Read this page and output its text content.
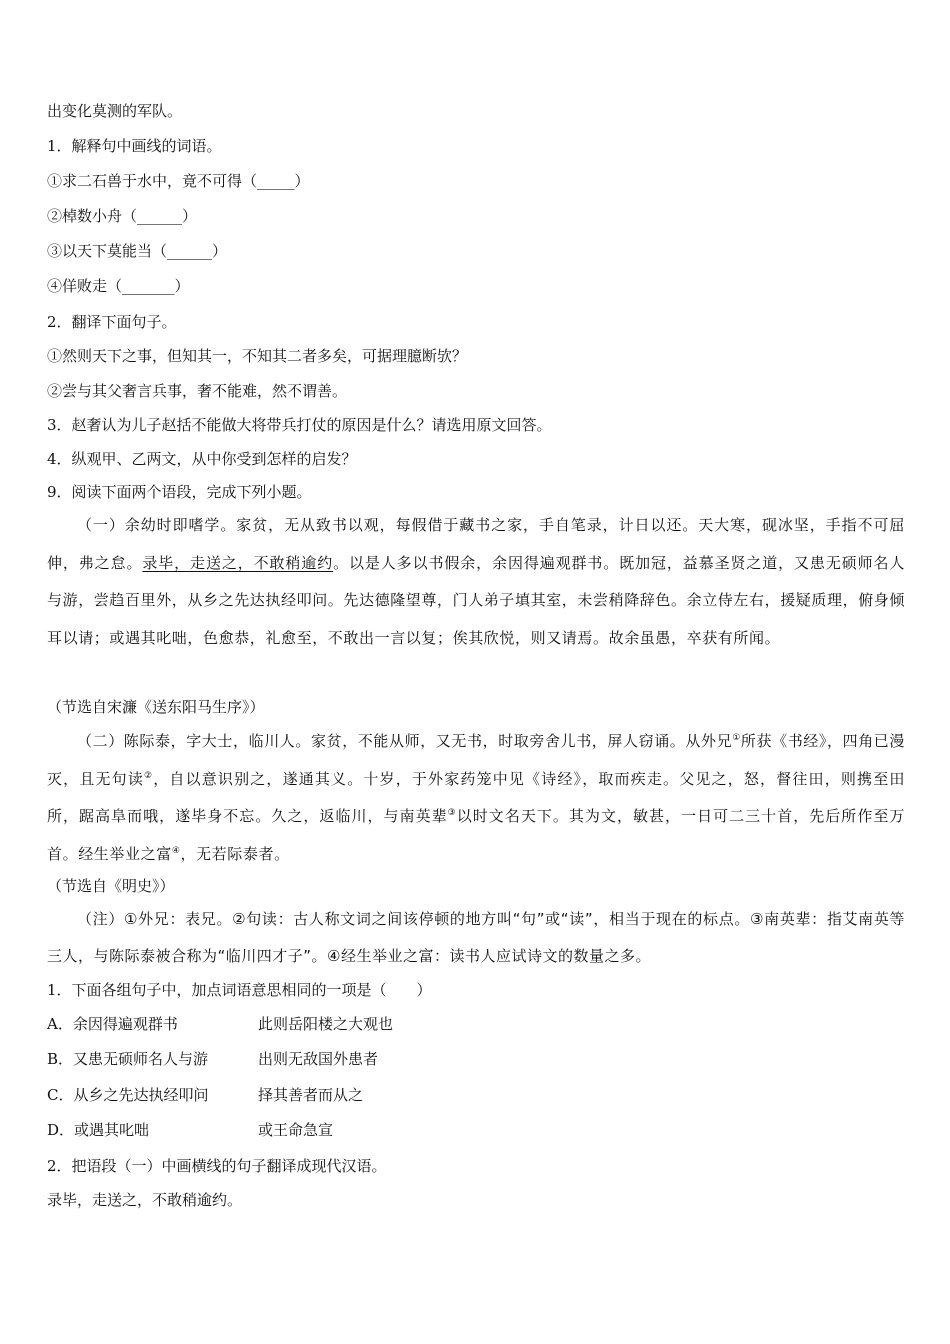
出变化莫测的军队。
1．解释句中画线的词语。
①求二石兽于水中，竟不可得（_____）
②棹数小舟（______）
③以天下莫能当（______）
④佯败走（_______）
2．翻译下面句子。
①然则天下之事，但知其一，不知其二者多矣，可据理臆断欤？
②尝与其父奢言兵事，奢不能难，然不谓善。
3．赵奢认为儿子赵括不能做大将带兵打仗的原因是什么？请选用原文回答。
4．纵观甲、乙两文，从中你受到怎样的启发？
9．阅读下面两个语段，完成下列小题。
（一）余幼时即嗜学。家贫，无从致书以观，每假借于藏书之家，手自笔录，计日以还。天大寒，砚冰坚，手指不可屈伸，弗之怠。录毕，走送之，不敢稍逾约。以是人多以书假余，余因得遍观群书。既加冠，益慕圣贤之道，又患无硕师名人与游，尝趋百里外，从乡之先达执经叩问。先达德隆望尊，门人弟子填其室，未尝稍降辞色。余立侍左右，援疑质理，俯身倾耳以请；或遇其叱咄，色愈恭，礼愈至，不敢出一言以复；俟其欣悦，则又请焉。故余虽愚，卒获有所闻。
（节选自宋濂《送东阳马生序》）
（二）陈际泰，字大士，临川人。家贫，不能从师，又无书，时取旁舍儿书，屏人窃诵。从外兄①所获《书经》，四角已漫灭，且无句读②，自以意识别之，遂通其义。十岁，于外家药笼中见《诗经》，取而疾走。父见之，怒，督往田，则携至田所，踞高阜而哦，遂毕身不忘。久之，返临川，与南英辈③以时文名天下。其为文，敏甚，一日可二三十首，先后所作至万首。经生举业之富④，无若际泰者。
（节选自《明史》）
（注）①外兄：表兄。②句读：古人称文词之间该停顿的地方叫“句”或“读”，相当于现在的标点。③南英辈：指艾南英等三人，与陈际泰被合称为“临川四才子”。④经生举业之富：读书人应试诗文的数量之多。
1．下面各组句子中，加点词语意思相同的一项是（　　）
A．余因得遍观群书	此则岳阳楼之大观也
B．又患无硕师名人与游	出则无敌国外患者
C．从乡之先达执经叩问	择其善者而从之
D．或遇其叱咄	或王命急宣
2．把语段（一）中画横线的句子翻译成现代汉语。
录毕，走送之，不敢稍逾约。
